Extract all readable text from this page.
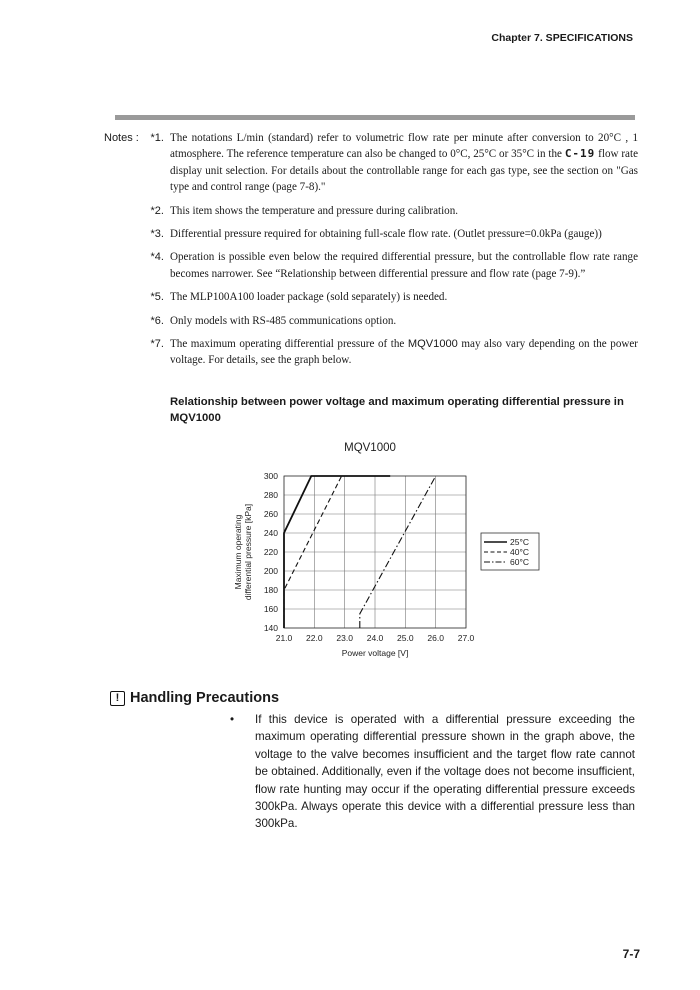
Chapter 7. SPECIFICATIONS
Notes : *1. The notations L/min (standard) refer to volumetric flow rate per minute after conversion to 20°C , 1 atmosphere. The reference temperature can also be changed to 0°C, 25°C or 35°C in the C-19 flow rate display unit selection. For details about the controllable range for each gas type, see the section on "Gas type and control range (page 7-8)."
*2. This item shows the temperature and pressure during calibration.
*3. Differential pressure required for obtaining full-scale flow rate. (Outlet pressure=0.0kPa (gauge))
*4. Operation is possible even below the required differential pressure, but the controllable flow rate range becomes narrower. See “Relationship between differential pressure and flow rate (page 7-9).”
*5. The MLP100A100 loader package (sold separately) is needed.
*6. Only models with RS-485 communications option.
*7. The maximum operating differential pressure of the MQV1000 may also vary depending on the power voltage. For details, see the graph below.
Relationship between power voltage and maximum operating differential pressure in MQV1000
MQV1000
140
160
180
200
220
240
260
280
300
21.0 22.0 23.0 24.0 25.0 26.0 27.0
Power voltage [V]
Maximum operating differential pressure [kPa]	25°C
40°C
60°C
! Handling Precautions
•	If this device is operated with a differential pressure exceeding the maximum operating differential pressure shown in the graph above, the voltage to the valve becomes insufficient and the target flow rate cannot be obtained. Additionally, even if the voltage does not become insufficient, flow rate hunting may occur if the operating differential pressure exceeds 300kPa. Always operate this device with a differential pressure less than 300kPa.
7-7
